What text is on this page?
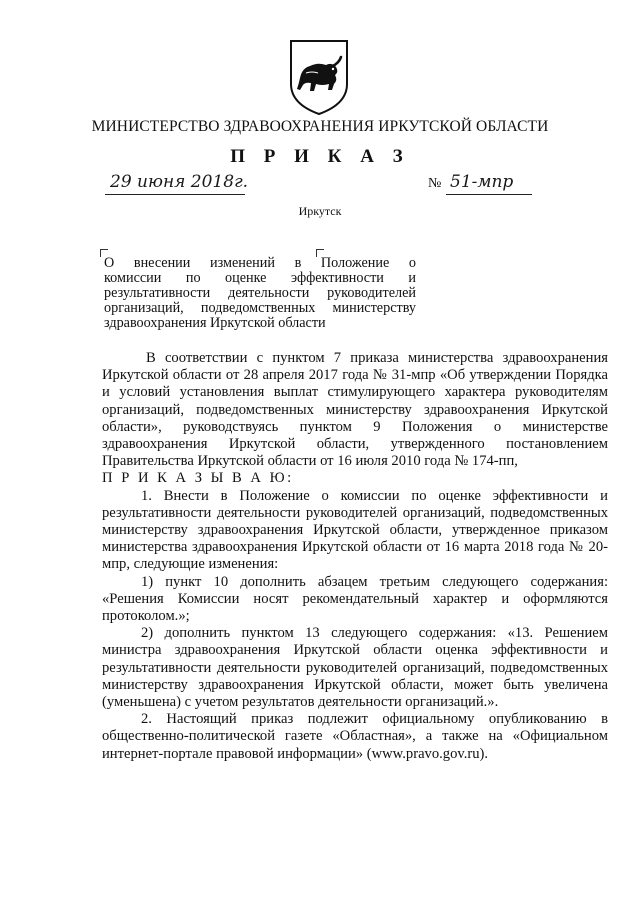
МИНИСТЕРСТВО ЗДРАВООХРАНЕНИЯ ИРКУТСКОЙ ОБЛАСТИ
П Р И К А З
29 июня 2018г.	№ 51-мпр
Иркутск
О внесении изменений в Положение о
комиссии по оценке эффективности и
результативности деятельности руководителей
организаций, подведомственных министерству
здравоохранения Иркутской области

В соответствии с пунктом 7 приказа министерства здравоохранения Иркутской области от 28 апреля 2017 года № 31-мпр «Об утверждении Порядка и условий установления выплат стимулирующего характера руководителям организаций, подведомственных министерству здравоохранения Иркутской области», руководствуясь пунктом 9 Положения о министерстве здравоохранения Иркутской области, утвержденного постановлением Правительства Иркутской области от 16 июля 2010 года № 174-пп,

П Р И К А З Ы В А Ю:

1. Внести в Положение о комиссии по оценке эффективности и результативности деятельности руководителей организаций, подведомственных министерству здравоохранения Иркутской области, утвержденное приказом министерства здравоохранения Иркутской области от 16 марта 2018 года № 20-мпр, следующие изменения:

1) пункт 10 дополнить абзацем третьим следующего содержания: «Решения Комиссии носят рекомендательный характер и оформляются протоколом.»;

2) дополнить пунктом 13 следующего содержания: «13. Решением министра здравоохранения Иркутской области оценка эффективности и результативности деятельности руководителей организаций, подведомственных министерству здравоохранения Иркутской области, может быть увеличена (уменьшена) с учетом результатов деятельности организаций.».

2. Настоящий приказ подлежит официальному опубликованию в общественно-политической газете «Областная», а также на «Официальном интернет-портале правовой информации» (www.pravo.gov.ru).
